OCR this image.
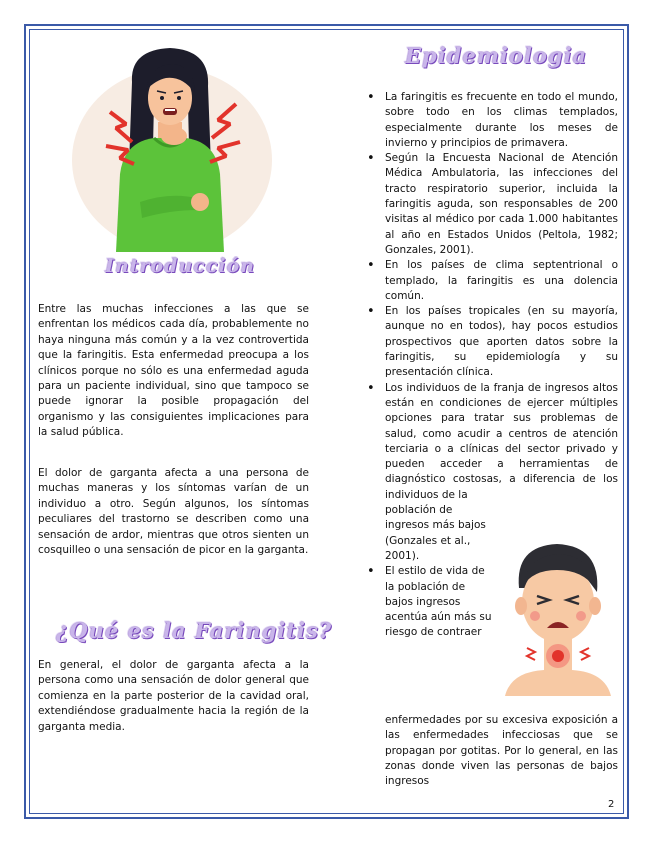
Introducción

Entre las muchas infecciones a las que se enfrentan los médicos cada día, probablemente no haya ninguna más común y a la vez controvertida que la faringitis. Esta enfermedad preocupa a los clínicos porque no sólo es una enfermedad aguda para un paciente individual, sino que tampoco se puede ignorar la posible propagación del organismo y las consiguientes implicaciones para la salud pública.

El dolor de garganta afecta a una persona de muchas maneras y los síntomas varían de un individuo a otro. Según algunos, los síntomas peculiares del trastorno se describen como una sensación de ardor, mientras que otros sienten un cosquilleo o una sensación de picor en la garganta.

¿Qué es la Faringitis?

En general, el dolor de garganta afecta a la persona como una sensación de dolor general que comienza en la parte posterior de la cavidad oral, extendiéndose gradualmente hacia la región de la garganta media.

Epidemiologia
• La faringitis es frecuente en todo el mundo, sobre todo en los climas templados, especialmente durante los meses de invierno y principios de primavera.
• Según la Encuesta Nacional de Atención Médica Ambulatoria, las infecciones del tracto respiratorio superior, incluida la faringitis aguda, son responsables de 200 visitas al médico por cada 1.000 habitantes al año en Estados Unidos (Peltola, 1982; Gonzales, 2001).
• En los países de clima septentrional o templado, la faringitis es una dolencia común.
• En los países tropicales (en su mayoría, aunque no en todos), hay pocos estudios prospectivos que aporten datos sobre la faringitis, su epidemiología y su presentación clínica.
• Los individuos de la franja de ingresos altos están en condiciones de ejercer múltiples opciones para tratar sus problemas de salud, como acudir a centros de atención terciaria o a clínicas del sector privado y pueden acceder a herramientas de diagnóstico costosas, a diferencia de los individuos de la
población de ingresos más bajos (Gonzales et al., 2001).
• El estilo de vida de la población de bajos ingresos acentúa aún más su riesgo de contraer

enfermedades por su excesiva exposición a las enfermedades infecciosas que se propagan por gotitas. Por lo general, en las zonas donde viven las personas de bajos ingresos

2
